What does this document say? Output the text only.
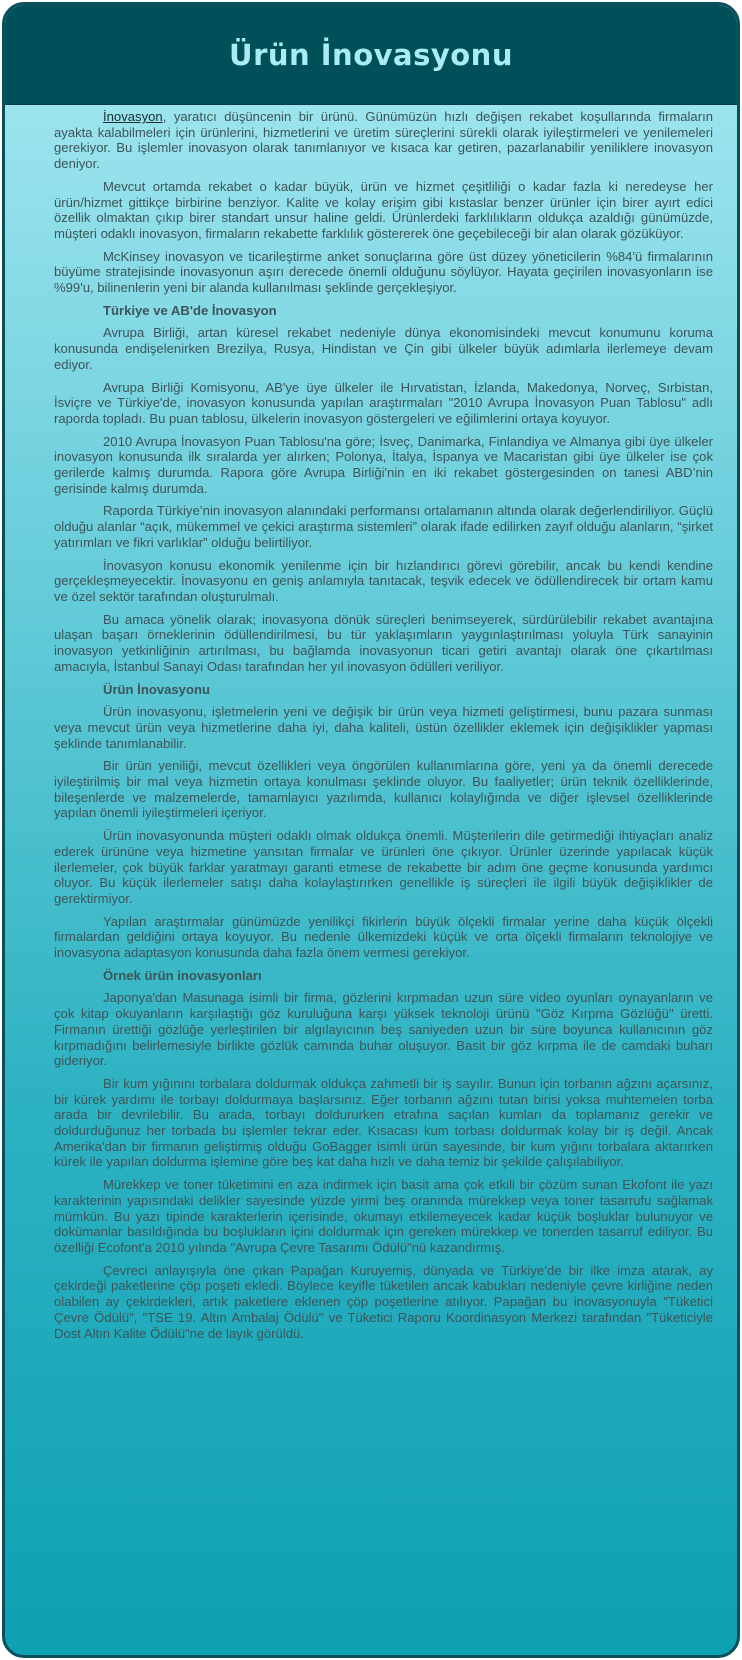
Ürün İnovasyonu

İnovasyon, yaratıcı düşüncenin bir ürünü. Günümüzün hızlı değişen rekabet koşullarında firmaların ayakta kalabilmeleri için ürünlerini, hizmetlerini ve üretim süreçlerini sürekli olarak iyileştirmeleri ve yenilemeleri gerekiyor. Bu işlemler inovasyon olarak tanımlanıyor ve kısaca kar getiren, pazarlanabilir yeniliklere inovasyon deniyor.

Mevcut ortamda rekabet o kadar büyük, ürün ve hizmet çeşitliliği o kadar fazla ki neredeyse her ürün/hizmet gittikçe birbirine benziyor. Kalite ve kolay erişim gibi kıstaslar benzer ürünler için birer ayırt edici özellik olmaktan çıkıp birer standart unsur haline geldi. Ürünlerdeki farklılıkların oldukça azaldığı günümüzde, müşteri odaklı inovasyon, firmaların rekabette farklılık göstererek öne geçebileceği bir alan olarak gözüküyor.

McKinsey inovasyon ve ticarileştirme anket sonuçlarına göre üst düzey yöneticilerin %84'ü firmalarının büyüme stratejisinde inovasyonun aşırı derecede önemli olduğunu söylüyor. Hayata geçirilen inovasyonların ise %99'u, bilinenlerin yeni bir alanda kullanılması şeklinde gerçekleşiyor.

Türkiye ve AB'de İnovasyon

Avrupa Birliği, artan küresel rekabet nedeniyle dünya ekonomisindeki mevcut konumunu koruma konusunda endişelenirken Brezilya, Rusya, Hindistan ve Çin gibi ülkeler büyük adımlarla ilerlemeye devam ediyor.

Avrupa Birliği Komisyonu, AB'ye üye ülkeler ile Hırvatistan, İzlanda, Makedonya, Norveç, Sırbistan, İsviçre ve Türkiye'de, inovasyon konusunda yapılan araştırmaları "2010 Avrupa İnovasyon Puan Tablosu" adlı raporda topladı. Bu puan tablosu, ülkelerin inovasyon göstergeleri ve eğilimlerini ortaya koyuyor.

2010 Avrupa İnovasyon Puan Tablosu'na göre; İsveç, Danimarka, Finlandiya ve Almanya gibi üye ülkeler inovasyon konusunda ilk sıralarda yer alırken; Polonya, İtalya, İspanya ve Macaristan gibi üye ülkeler ise çok gerilerde kalmış durumda. Rapora göre Avrupa Birliği'nin en iki rekabet göstergesinden on tanesi ABD’nin gerisinde kalmış durumda.

Raporda Türkiye’nin inovasyon alanındaki performansı ortalamanın altında olarak değerlendiriliyor. Güçlü olduğu alanlar “açık, mükemmel ve çekici araştırma sistemleri” olarak ifade edilirken zayıf olduğu alanların, “şirket yatırımları ve fikri varlıklar” olduğu belirtiliyor.

İnovasyon konusu ekonomik yenilenme için bir hızlandırıcı görevi görebilir, ancak bu kendi kendine gerçekleşmeyecektir. İnovasyonu en geniş anlamıyla tanıtacak, teşvik edecek ve ödüllendirecek bir ortam kamu ve özel sektör tarafından oluşturulmalı.

Bu amaca yönelik olarak; inovasyona dönük süreçleri benimseyerek, sürdürülebilir rekabet avantajına ulaşan başarı örneklerinin ödüllendirilmesi, bu tür yaklaşımların yaygınlaştırılması yoluyla Türk sanayinin inovasyon yetkinliğinin artırılması, bu bağlamda inovasyonun ticari getiri avantajı olarak öne çıkartılması amacıyla, İstanbul Sanayi Odası tarafından her yıl inovasyon ödülleri veriliyor.

Ürün İnovasyonu

Ürün inovasyonu, işletmelerin yeni ve değişik bir ürün veya hizmeti geliştirmesi, bunu pazara sunması veya mevcut ürün veya hizmetlerine daha iyi, daha kaliteli, üstün özellikler eklemek için değişiklikler yapması şeklinde tanımlanabilir.

Bir ürün yeniliği, mevcut özellikleri veya öngörülen kullanımlarına göre, yeni ya da önemli derecede iyileştirilmiş bir mal veya hizmetin ortaya konulması şeklinde oluyor. Bu faaliyetler; ürün teknik özelliklerinde, bileşenlerde ve malzemelerde, tamamlayıcı yazılımda, kullanıcı kolaylığında ve diğer işlevsel özelliklerinde yapılan önemli iyileştirmeleri içeriyor.

Ürün inovasyonunda müşteri odaklı olmak oldukça önemli. Müşterilerin dile getirmediği ihtiyaçları analiz ederek ürününe veya hizmetine yansıtan firmalar ve ürünleri öne çıkıyor. Ürünler üzerinde yapılacak küçük ilerlemeler, çok büyük farklar yaratmayı garanti etmese de rekabette bir adım öne geçme konusunda yardımcı oluyor. Bu küçük ilerlemeler satışı daha kolaylaştırırken genellikle iş süreçleri ile ilgili büyük değişiklikler de gerektirmiyor.

Yapılan araştırmalar günümüzde yenilikçi fikirlerin büyük ölçekli firmalar yerine daha küçük ölçekli firmalardan geldiğini ortaya koyuyor. Bu nedenle ülkemizdeki küçük ve orta ölçekli firmaların teknolojiye ve inovasyona adaptasyon konusunda daha fazla önem vermesi gerekiyor.

Örnek ürün inovasyonları

Japonya'dan Masunaga isimli bir firma, gözlerini kırpmadan uzun süre video oyunları oynayanların ve çok kitap okuyanların karşılaştığı göz kuruluğuna karşı yüksek teknoloji ürünü "Göz Kırpma Gözlüğü" üretti. Firmanın ürettiği gözlüğe yerleştirilen bir algılayıcının beş saniyeden uzun bir süre boyunca kullanıcının göz kırpmadığını belirlemesiyle birlikte gözlük camında buhar oluşuyor. Basit bir göz kırpma ile de camdaki buharı gideriyor.

Bir kum yığınını torbalara doldurmak oldukça zahmetli bir iş sayılır. Bunun için torbanın ağzını açarsınız, bir kürek yardımı ile torbayı doldurmaya başlarsınız. Eğer torbanın ağzını tutan birisi yoksa muhtemelen torba arada bir devrilebilir. Bu arada, torbayı doldururken etrafına saçılan kumları da toplamanız gerekir ve doldurduğunuz her torbada bu işlemler tekrar eder. Kısacası kum torbası doldurmak kolay bir iş değil. Ancak Amerika'dan bir firmanın geliştirmiş olduğu GoBagger isimli ürün sayesinde, bir kum yığını torbalara aktarırken kürek ile yapılan doldurma işlemine göre beş kat daha hızlı ve daha temiz bir şekilde çalışılabiliyor.

Mürekkep ve toner tüketimini en aza indirmek için basit ama çok etkili bir çözüm sunan Ekofont ile yazı karakterinin yapısındaki delikler sayesinde yüzde yirmi beş oranında mürekkep veya toner tasarrufu sağlamak mümkün. Bu yazı tipinde karakterlerin içerisinde, okumayı etkilemeyecek kadar küçük boşluklar bulunuyor ve dokümanlar basıldığında bu boşlukların içini doldurmak için gereken mürekkep ve tonerden tasarruf ediliyor. Bu özelliği Ecofont'a 2010 yılında "Avrupa Çevre Tasarımı Ödülü"nü kazandırmış.

Çevreci anlayışıyla öne çıkan Papağan Kuruyemiş, dünyada ve Türkiye’de bir ilke imza atarak, ay çekirdeği paketlerine çöp poşeti ekledi. Böylece keyifle tüketilen ancak kabukları nedeniyle çevre kirliğine neden olabilen ay çekirdekleri, artık paketlere eklenen çöp poşetlerine atılıyor. Papağan bu inovasyonuyla "Tüketici Çevre Ödülü", "TSE 19. Altın Ambalaj Ödülü" ve Tüketici Raporu Koordinasyon Merkezi tarafından "Tüketiciyle Dost Altın Kalite Ödülü"ne de layık görüldü.
